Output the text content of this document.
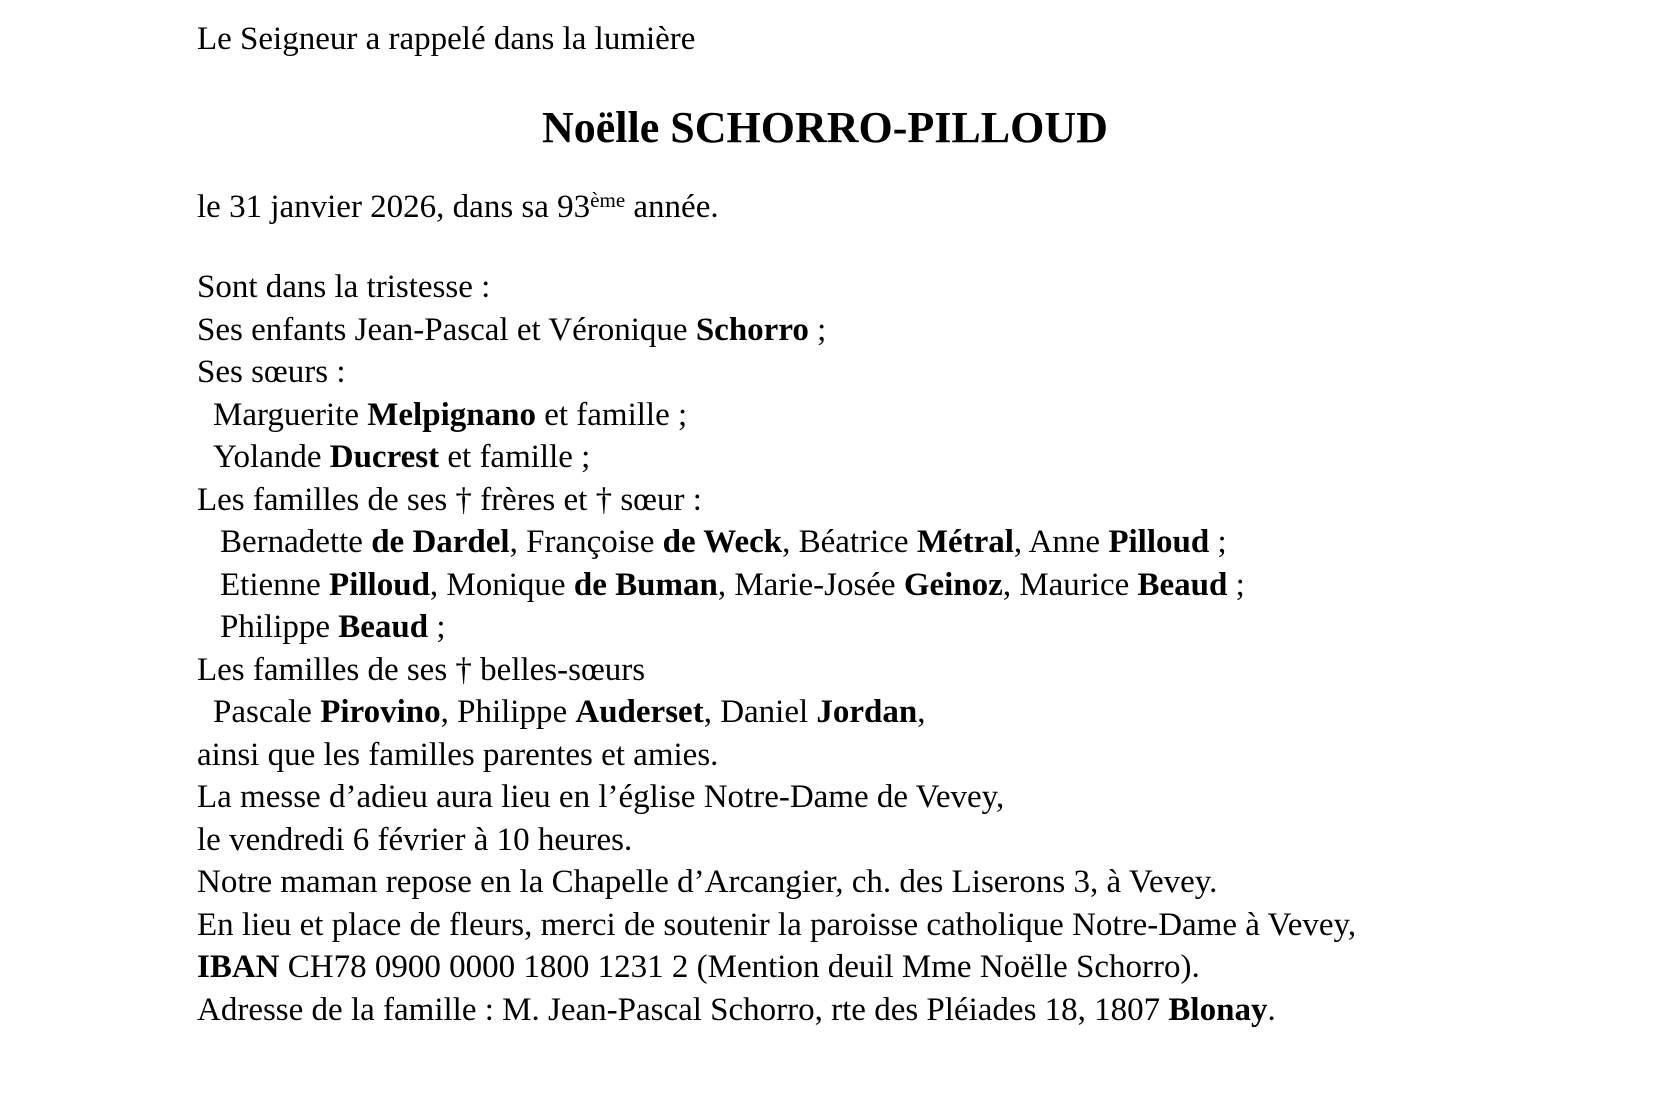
Le Seigneur a rappelé dans la lumière

Noëlle SCHORRO-PILLOUD

le 31 janvier 2026, dans sa 93ème année.

Sont dans la tristesse :

Ses enfants Jean-Pascal et Véronique Schorro ;

Ses sœurs :

Marguerite Melpignano et famille ;

Yolande Ducrest et famille ;

Les familles de ses † frères et † sœur :

Bernadette de Dardel, Françoise de Weck, Béatrice Métral, Anne Pilloud ;

Etienne Pilloud, Monique de Buman, Marie-Josée Geinoz, Maurice Beaud ;

Philippe Beaud ;

Les familles de ses † belles-sœurs

Pascale Pirovino, Philippe Auderset, Daniel Jordan,

ainsi que les familles parentes et amies.

La messe d’adieu aura lieu en l’église Notre-Dame de Vevey,

le vendredi 6 février à 10 heures.

Notre maman repose en la Chapelle d’Arcangier, ch. des Liserons 3, à Vevey.

En lieu et place de fleurs, merci de soutenir la paroisse catholique Notre-Dame à Vevey,

IBAN CH78 0900 0000 1800 1231 2 (Mention deuil Mme Noëlle Schorro).

Adresse de la famille : M. Jean-Pascal Schorro, rte des Pléiades 18, 1807 Blonay.
